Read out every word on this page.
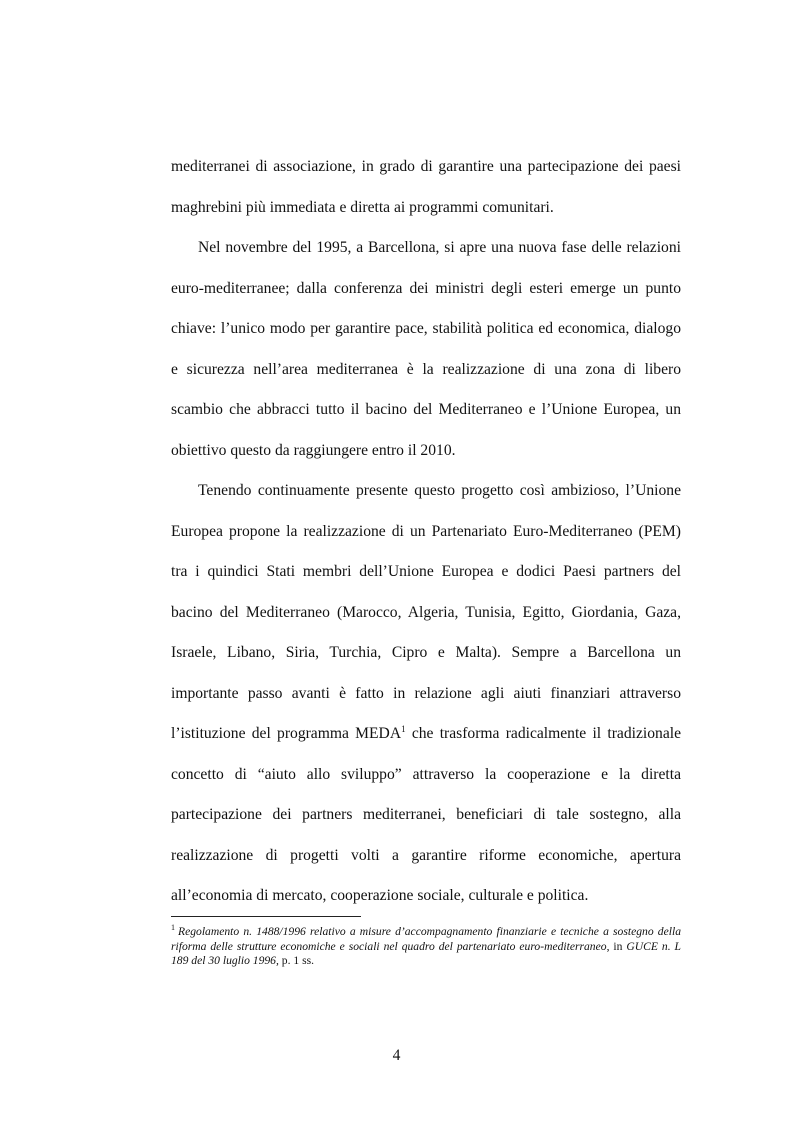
mediterranei di associazione, in grado di garantire una partecipazione dei paesi maghrebini più immediata e diretta ai programmi comunitari.

Nel novembre del 1995, a Barcellona, si apre una nuova fase delle relazioni euro-mediterranee; dalla conferenza dei ministri degli esteri emerge un punto chiave: l’unico modo per garantire pace, stabilità politica ed economica, dialogo e sicurezza nell’area mediterranea è la realizzazione di una zona di libero scambio che abbracci tutto il bacino del Mediterraneo e l’Unione Europea, un obiettivo questo da raggiungere entro il 2010.

Tenendo continuamente presente questo progetto così ambizioso, l’Unione Europea propone la realizzazione di un Partenariato Euro-Mediterraneo (PEM) tra i quindici Stati membri dell’Unione Europea e dodici Paesi partners del bacino del Mediterraneo (Marocco, Algeria, Tunisia, Egitto, Giordania, Gaza, Israele, Libano, Siria, Turchia, Cipro e Malta). Sempre a Barcellona un importante passo avanti è fatto in relazione agli aiuti finanziari attraverso l’istituzione del programma MEDA$^1$ che trasforma radicalmente il tradizionale concetto di “aiuto allo sviluppo” attraverso la cooperazione e la diretta partecipazione dei partners mediterranei, beneficiari di tale sostegno, alla realizzazione di progetti volti a garantire riforme economiche, apertura all’economia di mercato, cooperazione sociale, culturale e politica.

$^1$ Regolamento n. 1488/1996 relativo a misure d’accompagnamento finanziarie e tecniche a sostegno della riforma delle strutture economiche e sociali nel quadro del partenariato euro-mediterraneo, in GUCE n. L 189 del 30 luglio 1996, p. 1 ss.
4
